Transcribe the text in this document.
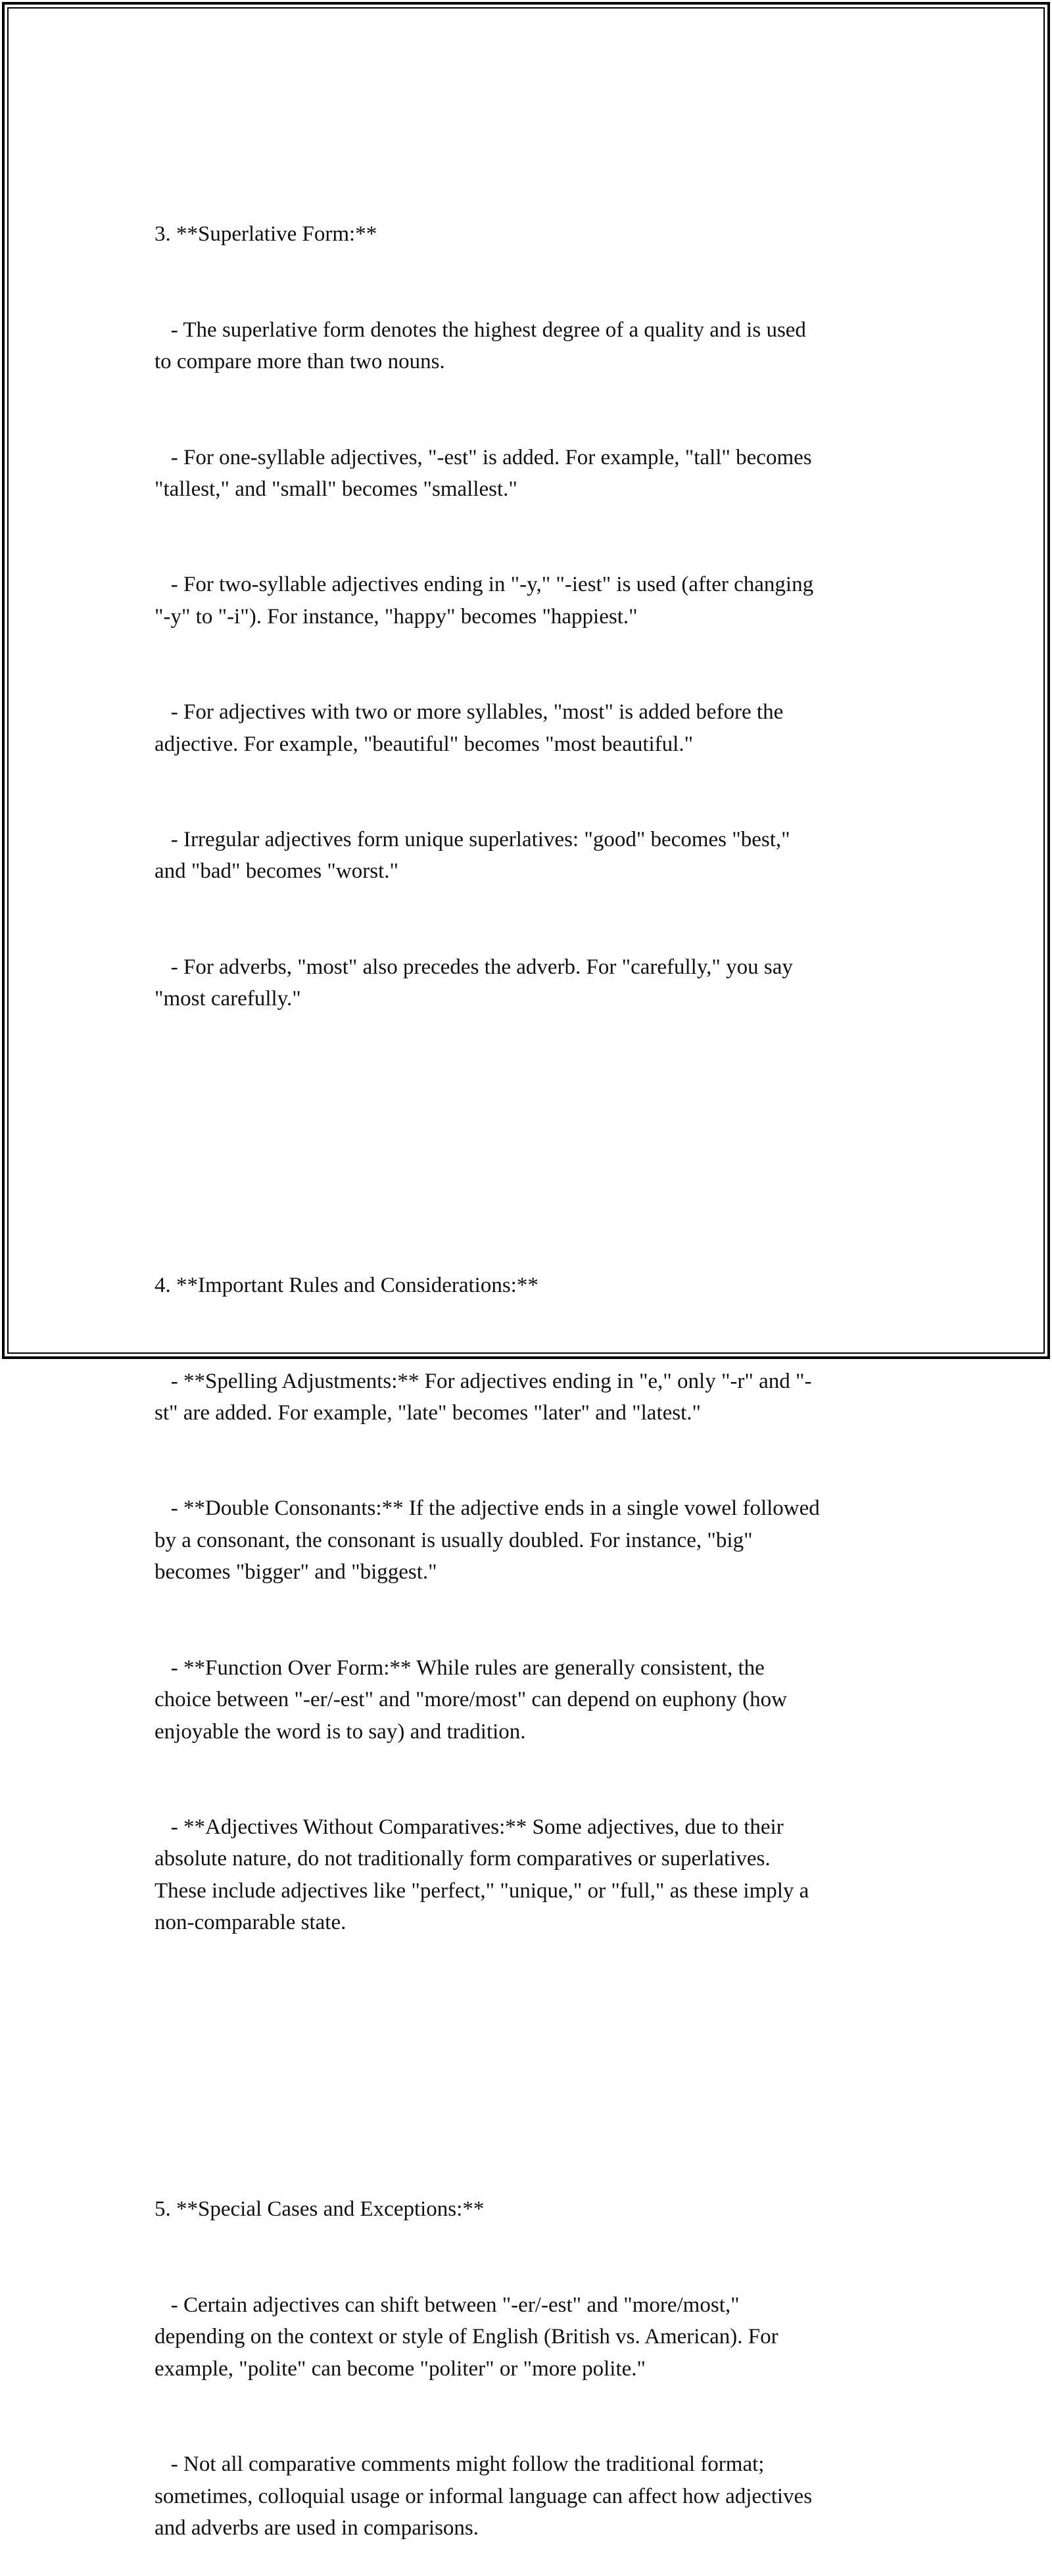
3. **Superlative Form:**

- The superlative form denotes the highest degree of a quality and is used
to compare more than two nouns.

- For one-syllable adjectives, "-est" is added. For example, "tall" becomes
"tallest," and "small" becomes "smallest."

- For two-syllable adjectives ending in "-y," "-iest" is used (after changing
"-y" to "-i"). For instance, "happy" becomes "happiest."

- For adjectives with two or more syllables, "most" is added before the
adjective. For example, "beautiful" becomes "most beautiful."

- Irregular adjectives form unique superlatives: "good" becomes "best,"
and "bad" becomes "worst."

- For adverbs, "most" also precedes the adverb. For "carefully," you say
"most carefully."

4. **Important Rules and Considerations:**

- **Spelling Adjustments:** For adjectives ending in "e," only "-r" and "-
st" are added. For example, "late" becomes "later" and "latest."

- **Double Consonants:** If the adjective ends in a single vowel followed
by a consonant, the consonant is usually doubled. For instance, "big"
becomes "bigger" and "biggest."

- **Function Over Form:** While rules are generally consistent, the
choice between "-er/-est" and "more/most" can depend on euphony (how
enjoyable the word is to say) and tradition.

- **Adjectives Without Comparatives:** Some adjectives, due to their
absolute nature, do not traditionally form comparatives or superlatives.
These include adjectives like "perfect," "unique," or "full," as these imply a
non-comparable state.

5. **Special Cases and Exceptions:**

- Certain adjectives can shift between "-er/-est" and "more/most,"
depending on the context or style of English (British vs. American). For
example, "polite" can become "politer" or "more polite."

- Not all comparative comments might follow the traditional format;
sometimes, colloquial usage or informal language can affect how adjectives
and adverbs are used in comparisons.
